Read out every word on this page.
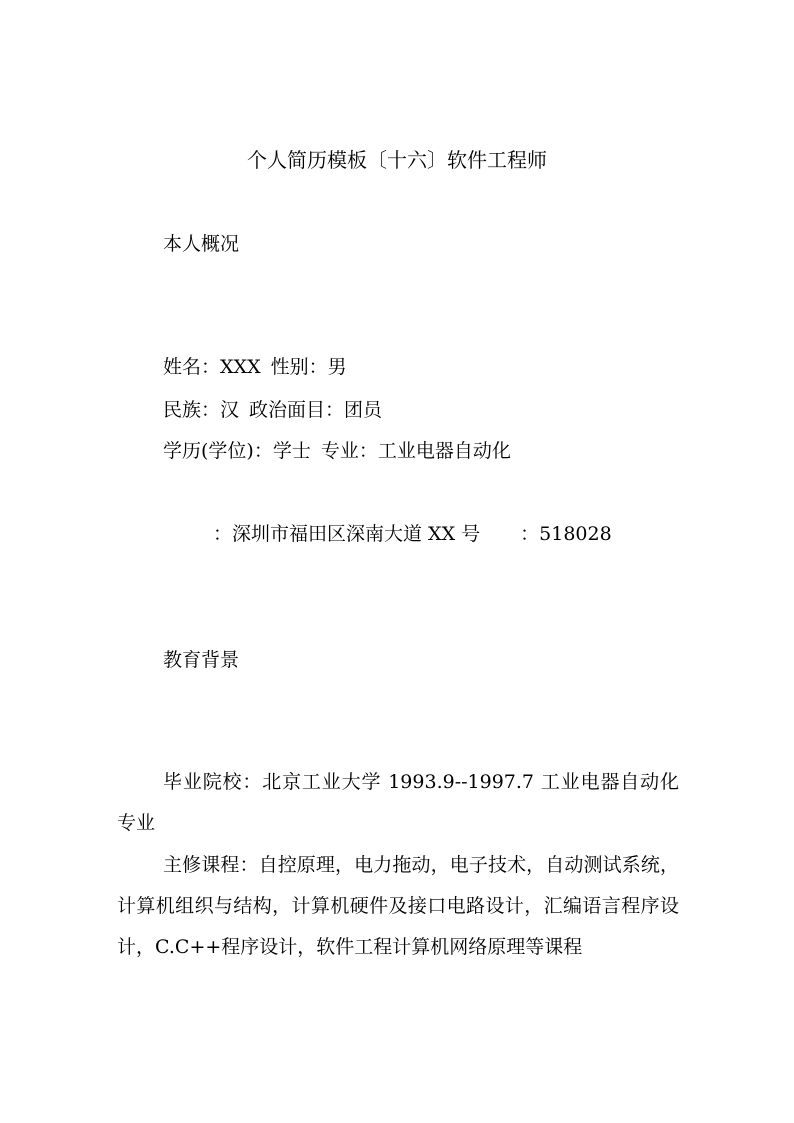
个人简历模板〔十六〕软件工程师
本人概况
姓名：XXX 性别：男
民族：汉 政治面目：团员
学历(学位)：学士 专业：工业电器自动化
：深圳市福田区深南大道 XX 号 ：518028
教育背景
毕业院校：北京工业大学 1993.9--1997.7 工业电器自动化专业
主修课程：自控原理，电力拖动，电子技术，自动测试系统，计算机组织与结构，计算机硬件及接口电路设计，汇编语言程序设计，C.C++程序设计，软件工程计算机网络原理等课程
